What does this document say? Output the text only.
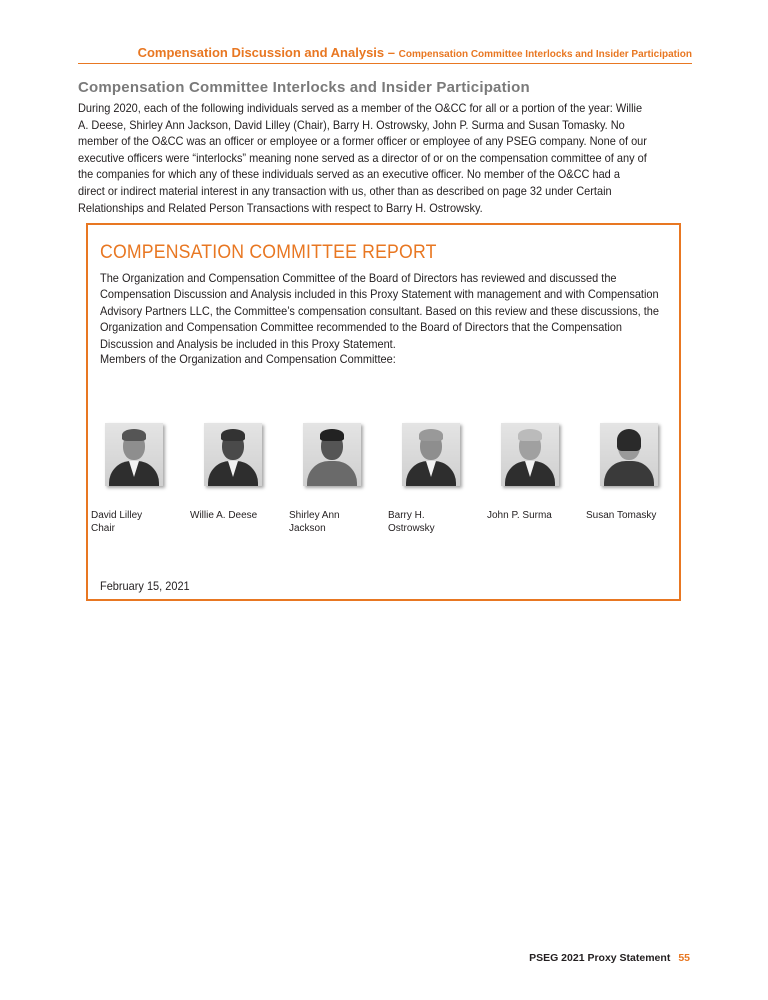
Compensation Discussion and Analysis – Compensation Committee Interlocks and Insider Participation
Compensation Committee Interlocks and Insider Participation

During 2020, each of the following individuals served as a member of the O&CC for all or a portion of the year: Willie A. Deese, Shirley Ann Jackson, David Lilley (Chair), Barry H. Ostrowsky, John P. Surma and Susan Tomasky. No member of the O&CC was an officer or employee or a former officer or employee of any PSEG company. None of our executive officers were “interlocks” meaning none served as a director of or on the compensation committee of any of the companies for which any of these individuals served as an executive officer. No member of the O&CC had a direct or indirect material interest in any transaction with us, other than as described on page 32 under Certain Relationships and Related Person Transactions with respect to Barry H. Ostrowsky.

COMPENSATION COMMITTEE REPORT

The Organization and Compensation Committee of the Board of Directors has reviewed and discussed the Compensation Discussion and Analysis included in this Proxy Statement with management and with Compensation Advisory Partners LLC, the Committee’s compensation consultant. Based on this review and these discussions, the Organization and Compensation Committee recommended to the Board of Directors that the Compensation Discussion and Analysis be included in this Proxy Statement.

Members of the Organization and Compensation Committee:

David Lilley
Chair
Willie A. Deese	Shirley Ann
Jackson
Barry H.
Ostrowsky
John P. Surma	Susan Tomasky

February 15, 2021

PSEG 2021 Proxy Statement 55
